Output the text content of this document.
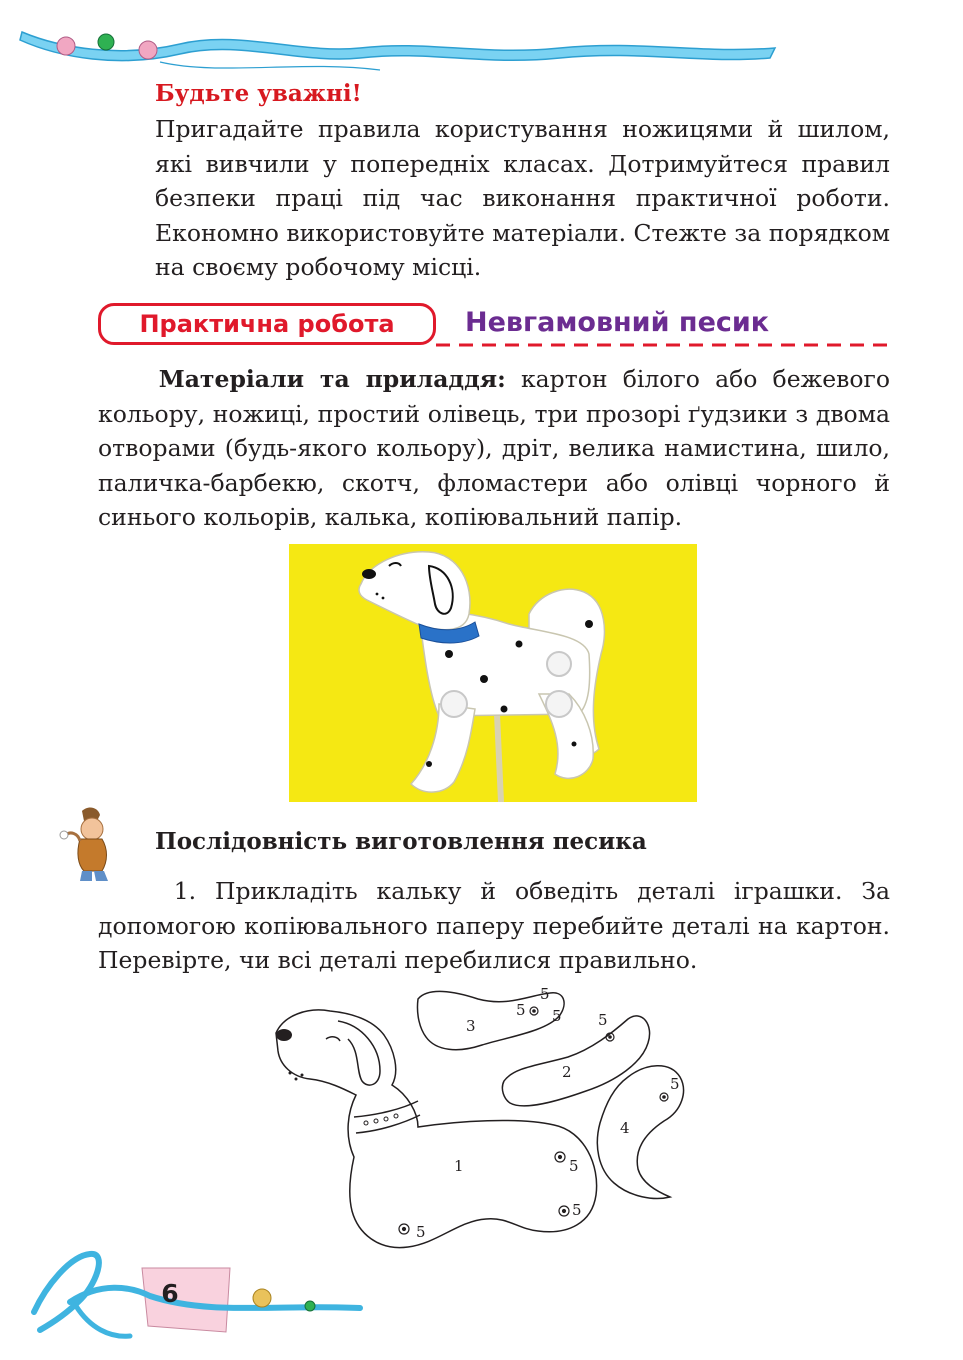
Будьте уважні!

Пригадайте правила користування ножицями й шилом, які вивчили у попередніх класах. Дотримуйтеся правил безпеки праці під час виконання практичної роботи. Економно використовуйте матеріали. Стежте за порядком на своєму робочому місці.

Практична робота	Невгамовний песик

Матеріали та приладдя: картон білого або бежевого кольору, ножиці, простий олівець, три прозорі ґудзики з двома отворами (будь-якого кольору), дріт, велика намистина, шило, паличка-барбекю, скотч, фломастери або олівці чорного й синього кольорів, калька, копіювальний папір.

Послідовність виготовлення песика

1. Прикладіть кальку й обведіть деталі іграшки. За допомогою копіювального паперу перебийте деталі на картон. Перевірте, чи всі деталі перебилися правильно.

1
2
3
4
5
5
5
5
5
5 5
5
6
